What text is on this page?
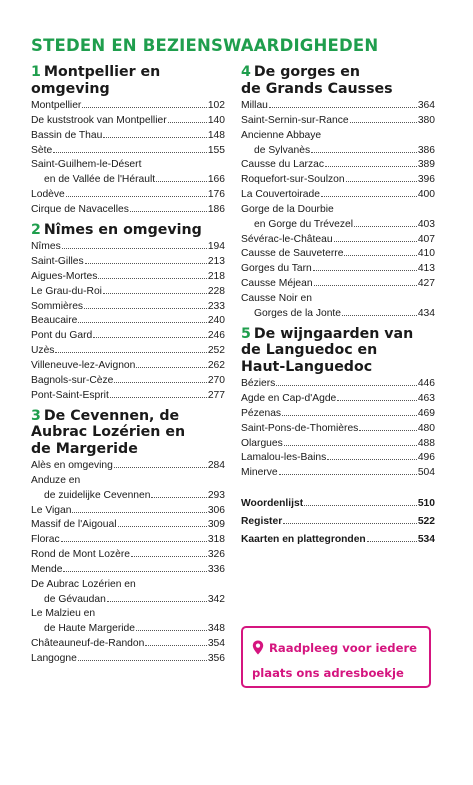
STEDEN EN BEZIENSWAARDIGHEDEN
1 Montpellier en
omgeving
Montpellier	102
De kuststrook van Montpellier	140
Bassin de Thau	148
Sète	155
Saint-Guilhem-le-Désert
en de Vallée de l'Hérault	166
Lodève	176
Cirque de Navacelles	186
2 Nîmes en omgeving
Nîmes	194
Saint-Gilles	213
Aigues-Mortes	218
Le Grau-du-Roi	228
Sommières	233
Beaucaire	240
Pont du Gard	246
Uzès	252
Villeneuve-lez-Avignon	262
Bagnols-sur-Cèze	270
Pont-Saint-Esprit	277
3 De Cevennen, de
Aubrac Lozérien en
de Margeride
Alès en omgeving	284
Anduze en
de zuidelijke Cevennen	293
Le Vigan	306
Massif de l'Aigoual	309
Florac	318
Rond de Mont Lozère	326
Mende	336
De Aubrac Lozérien en
de Gévaudan	342
Le Malzieu en
de Haute Margeride	348
Châteauneuf-de-Randon	354
Langogne	356
4 De gorges en
de Grands Causses
Millau	364
Saint-Sernin-sur-Rance	380
Ancienne Abbaye
de Sylvanès	386
Causse du Larzac	389
Roquefort-sur-Soulzon	396
La Couvertoirade	400
Gorge de la Dourbie
en Gorge du Trévezel	403
Sévérac-le-Château	407
Causse de Sauveterre	410
Gorges du Tarn	413
Causse Méjean	427
Causse Noir en
Gorges de la Jonte	434
5 De wijngaarden van
de Languedoc en
Haut-Languedoc
Béziers	446
Agde en Cap-d'Agde	463
Pézenas	469
Saint-Pons-de-Thomières	480
Olargues	488
Lamalou-les-Bains	496
Minerve	504
Woordenlijst	510
Register	522
Kaarten en plattegronden	534
Raadpleeg voor iedere
plaats ons adresboekje
